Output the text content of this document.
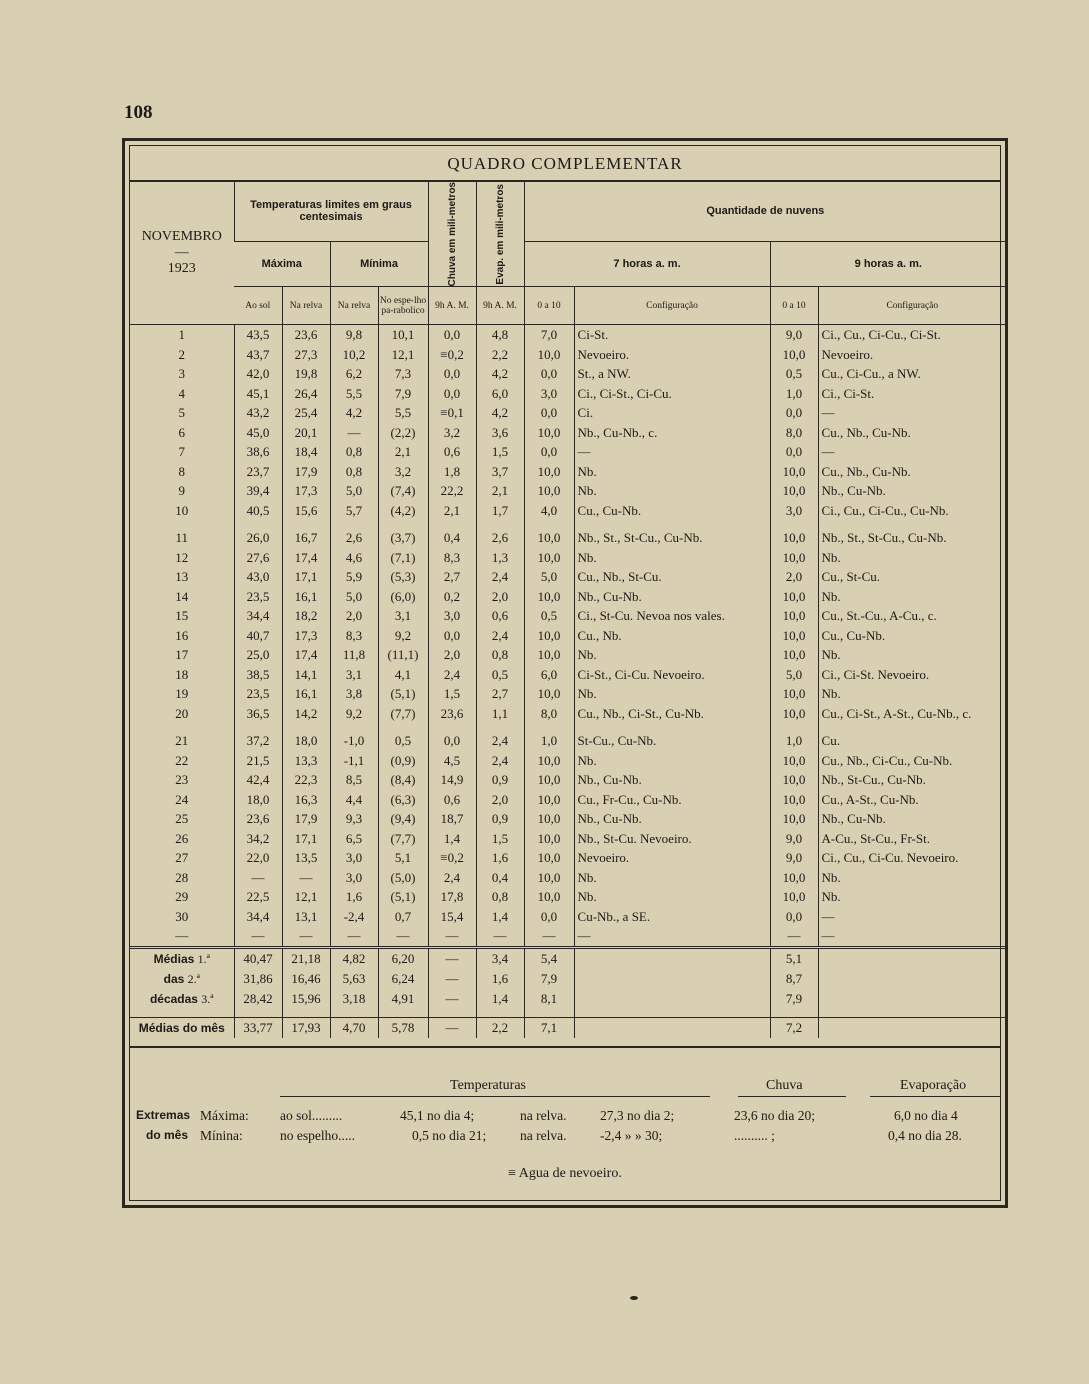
108
QUADRO COMPLEMENTAR
NOVEMBRO
—
1923	Temperaturas limites em graus centesimais				Chuva em mili-metros	Evap. em mili-metros	Quantidade de nuvens			
	Máxima		Mínima				7 horas a. m.		9 horas a. m.	
	Ao sol	Na relva	Na relva	No espe-lho pa-rabolico	9h A. M.	9h A. M.	0 a 10	Configuração	0 a 10	Configuração
1	43,5	23,6	9,8	10,1	0,0	4,8	7,0	Ci-St.	9,0	Ci., Cu., Ci-Cu., Ci-St.
2	43,7	27,3	10,2	12,1	≡0,2	2,2	10,0	Nevoeiro.	10,0	Nevoeiro.
3	42,0	19,8	6,2	7,3	0,0	4,2	0,0	St., a NW.	0,5	Cu., Ci-Cu., a NW.
4	45,1	26,4	5,5	7,9	0,0	6,0	3,0	Ci., Ci-St., Ci-Cu.	1,0	Ci., Ci-St.
5	43,2	25,4	4,2	5,5	≡0,1	4,2	0,0	Ci.	0,0	—
6	45,0	20,1	—	(2,2)	3,2	3,6	10,0	Nb., Cu-Nb., c.	8,0	Cu., Nb., Cu-Nb.
7	38,6	18,4	0,8	2,1	0,6	1,5	0,0	—	0,0	—
8	23,7	17,9	0,8	3,2	1,8	3,7	10,0	Nb.	10,0	Cu., Nb., Cu-Nb.
9	39,4	17,3	5,0	(7,4)	22,2	2,1	10,0	Nb.	10,0	Nb., Cu-Nb.
10	40,5	15,6	5,7	(4,2)	2,1	1,7	4,0	Cu., Cu-Nb.	3,0	Ci., Cu., Ci-Cu., Cu-Nb.

11	26,0	16,7	2,6	(3,7)	0,4	2,6	10,0	Nb., St., St-Cu., Cu-Nb.	10,0	Nb., St., St-Cu., Cu-Nb.
12	27,6	17,4	4,6	(7,1)	8,3	1,3	10,0	Nb.	10,0	Nb.
13	43,0	17,1	5,9	(5,3)	2,7	2,4	5,0	Cu., Nb., St-Cu.	2,0	Cu., St-Cu.
14	23,5	16,1	5,0	(6,0)	0,2	2,0	10,0	Nb., Cu-Nb.	10,0	Nb.
15	34,4	18,2	2,0	3,1	3,0	0,6	0,5	Ci., St-Cu. Nevoa nos vales.	10,0	Cu., St.-Cu., A-Cu., c.
16	40,7	17,3	8,3	9,2	0,0	2,4	10,0	Cu., Nb.	10,0	Cu., Cu-Nb.
17	25,0	17,4	11,8	(11,1)	2,0	0,8	10,0	Nb.	10,0	Nb.
18	38,5	14,1	3,1	4,1	2,4	0,5	6,0	Ci-St., Ci-Cu. Nevoeiro.	5,0	Ci., Ci-St. Nevoeiro.
19	23,5	16,1	3,8	(5,1)	1,5	2,7	10,0	Nb.	10,0	Nb.
20	36,5	14,2	9,2	(7,7)	23,6	1,1	8,0	Cu., Nb., Ci-St., Cu-Nb.	10,0	Cu., Ci-St., A-St., Cu-Nb., c.

21	37,2	18,0	-1,0	0,5	0,0	2,4	1,0	St-Cu., Cu-Nb.	1,0	Cu.
22	21,5	13,3	-1,1	(0,9)	4,5	2,4	10,0	Nb.	10,0	Cu., Nb., Ci-Cu., Cu-Nb.
23	42,4	22,3	8,5	(8,4)	14,9	0,9	10,0	Nb., Cu-Nb.	10,0	Nb., St-Cu., Cu-Nb.
24	18,0	16,3	4,4	(6,3)	0,6	2,0	10,0	Cu., Fr-Cu., Cu-Nb.	10,0	Cu., A-St., Cu-Nb.
25	23,6	17,9	9,3	(9,4)	18,7	0,9	10,0	Nb., Cu-Nb.	10,0	Nb., Cu-Nb.
26	34,2	17,1	6,5	(7,7)	1,4	1,5	10,0	Nb., St-Cu. Nevoeiro.	9,0	A-Cu., St-Cu., Fr-St.
27	22,0	13,5	3,0	5,1	≡0,2	1,6	10,0	Nevoeiro.	9,0	Ci., Cu., Ci-Cu. Nevoeiro.
28	—	—	3,0	(5,0)	2,4	0,4	10,0	Nb.	10,0	Nb.
29	22,5	12,1	1,6	(5,1)	17,8	0,8	10,0	Nb.	10,0	Nb.
30	34,4	13,1	-2,4	0,7	15,4	1,4	0,0	Cu-Nb., a SE.	0,0	—
—	—	—	—	—	—	—	—	—	—	—
Médias 1.ª	40,47	21,18	4,82	6,20	—	3,4	5,4		5,1	
das 2.ª	31,86	16,46	5,63	6,24	—	1,6	7,9		8,7	
décadas 3.ª	28,42	15,96	3,18	4,91	—	1,4	8,1		7,9	

Médias do mês	33,77	17,93	4,70	5,78	—	2,2	7,1		7,2	
Temperaturas	Chuva	Evaporação
Extremas
do mês
Máxima: ao sol.........	45,1 no dia 4;	na relva. 27,3 no dia 2;	23,6 no dia 20;	6,0 no dia 4
Mínina:	no espelho.....	0,5 no dia 21;	na relva. -2,4 » » 30;	.......... ;	0,4 no dia 28.
≡ Agua de nevoeiro.
